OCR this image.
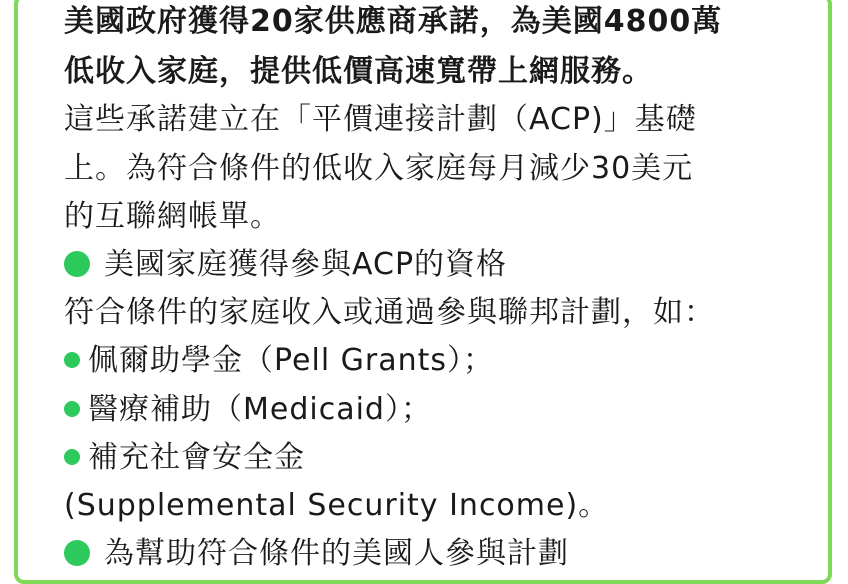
美國政府獲得20家供應商承諾，為美國4800萬
低收入家庭，提供低價高速寬帶上網服務。
這些承諾建立在「平價連接計劃（ACP)」基礎
上。為符合條件的低收入家庭每月減少30美元
的互聯網帳單。
美國家庭獲得參與ACP的資格
符合條件的家庭收入或通過參與聯邦計劃，如：
佩爾助學金（Pell Grants）；
醫療補助（Medicaid）；
補充社會安全金
(Supplemental Security Income)。
為幫助符合條件的美國人參與計劃
